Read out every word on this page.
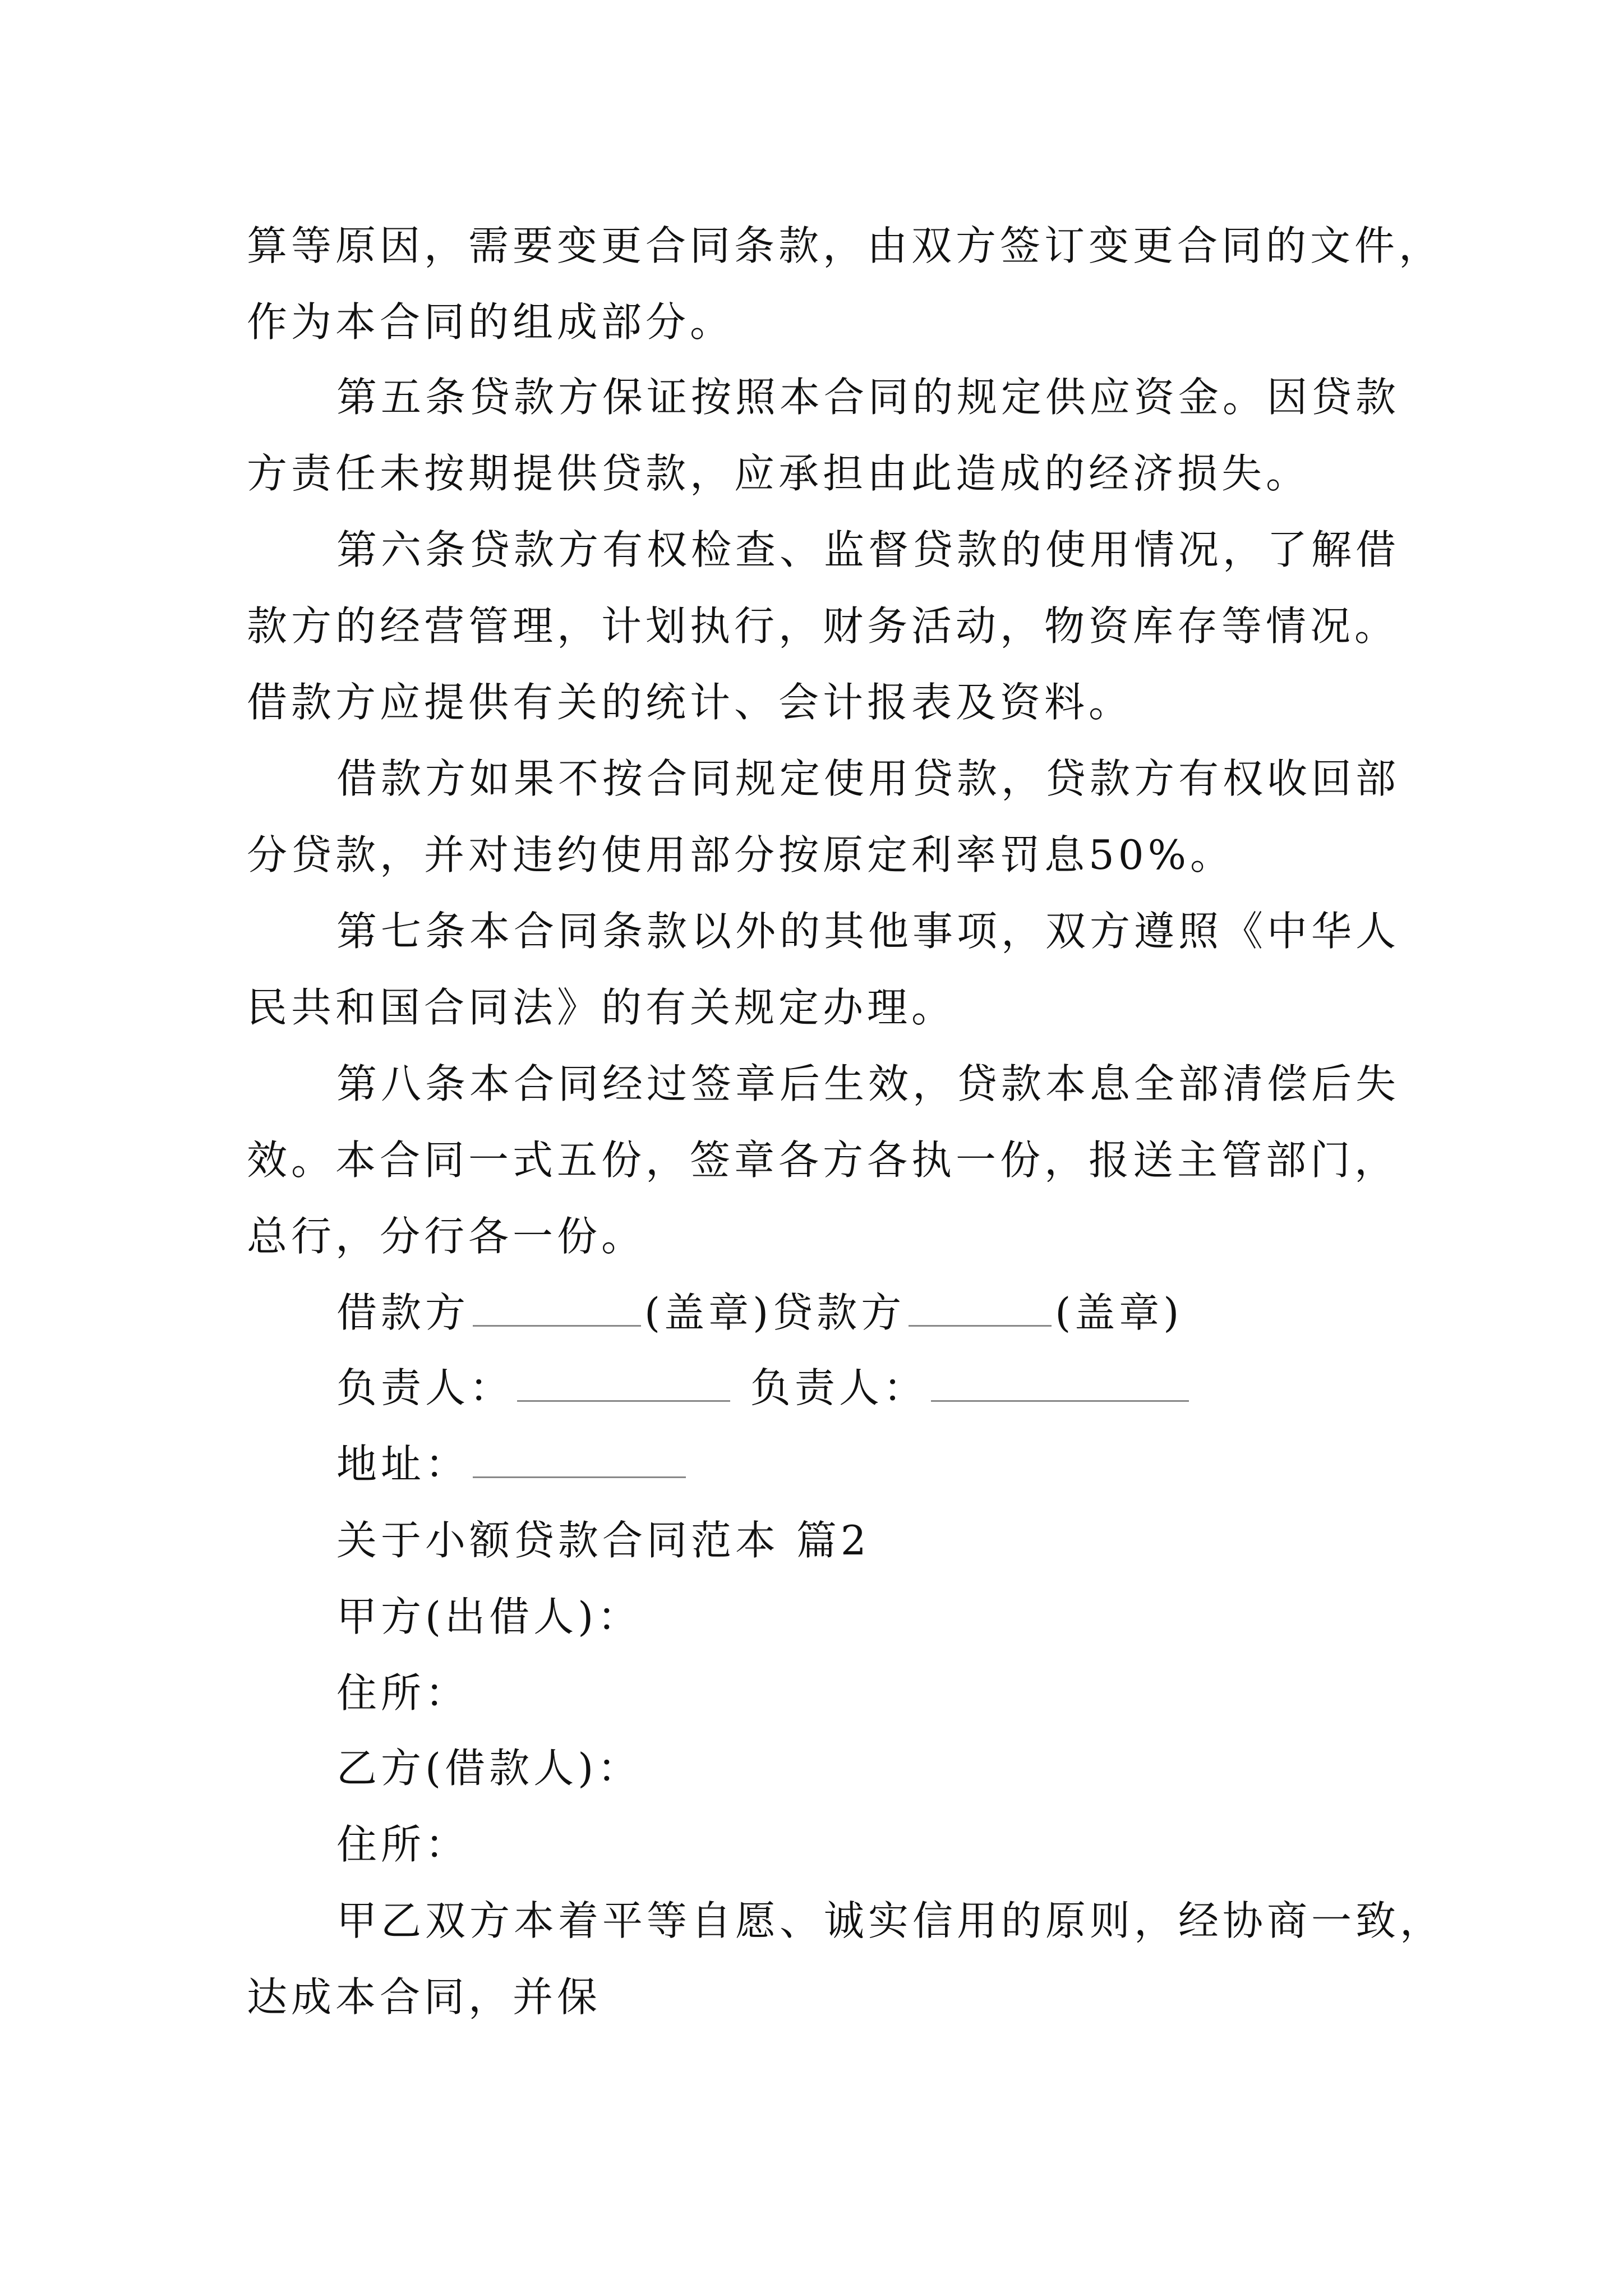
算等原因，需要变更合同条款，由双方签订变更合同的文件，
作为本合同的组成部分。
第五条贷款方保证按照本合同的规定供应资金。因贷款
方责任未按期提供贷款，应承担由此造成的经济损失。
第六条贷款方有权检查、监督贷款的使用情况，了解借
款方的经营管理，计划执行，财务活动，物资库存等情况。
借款方应提供有关的统计、会计报表及资料。
借款方如果不按合同规定使用贷款，贷款方有权收回部
分贷款，并对违约使用部分按原定利率罚息50%。
第七条本合同条款以外的其他事项，双方遵照《中华人
民共和国合同法》的有关规定办理。
第八条本合同经过签章后生效，贷款本息全部清偿后失
效。本合同一式五份，签章各方各执一份，报送主管部门，
总行，分行各一份。
借款方	(盖章)贷款方	(盖章)
负责人：	负责人：
地址：
关于小额贷款合同范本 篇2
甲方(出借人)：
住所：
乙方(借款人)：
住所：
甲乙双方本着平等自愿、诚实信用的原则，经协商一致，
达成本合同，并保
